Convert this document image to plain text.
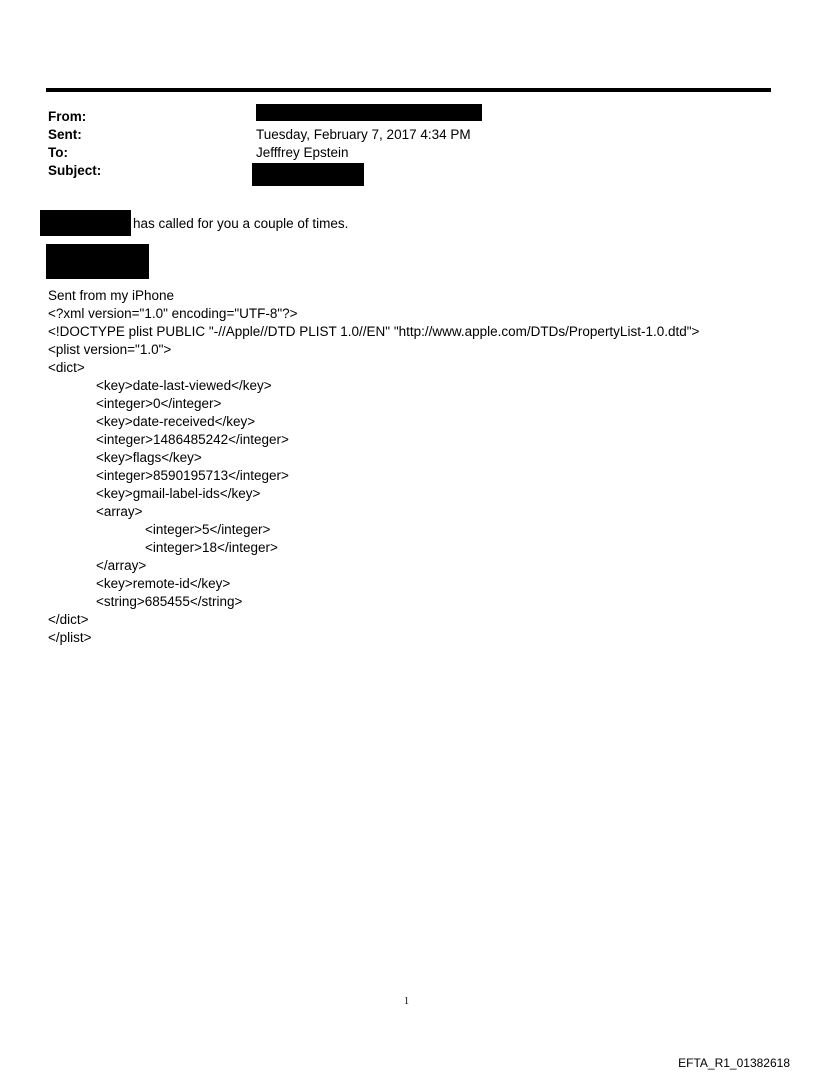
From:
Sent:
To:
Subject:
Tuesday, February 7, 2017 4:34 PM
Jefffrey Epstein
has called for you a couple of times.
Sent from my iPhone
<?xml version="1.0" encoding="UTF-8"?>
<!DOCTYPE plist PUBLIC "-//Apple//DTD PLIST 1.0//EN" "http://www.apple.com/DTDs/PropertyList-1.0.dtd">
<plist version="1.0">
<dict>
<key>date-last-viewed</key>
<integer>0</integer>
<key>date-received</key>
<integer>1486485242</integer>
<key>flags</key>
<integer>8590195713</integer>
<key>gmail-label-ids</key>
<array>
<integer>5</integer>
<integer>18</integer>
</array>
<key>remote-id</key>
<string>685455</string>
</dict>
</plist>
1
EFTA_R1_01382618
